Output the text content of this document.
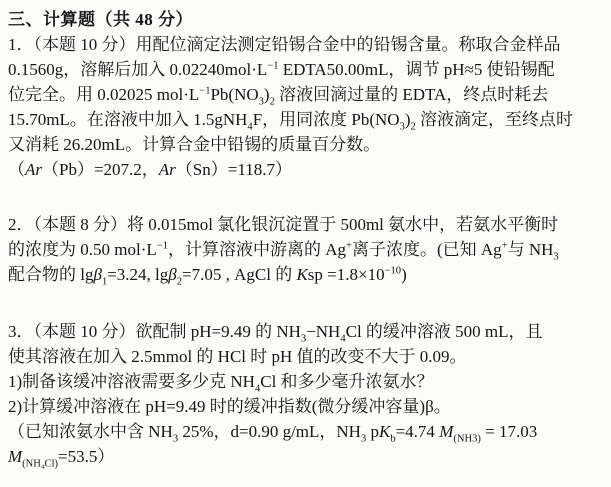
三、计算题（共 48 分）
1．（本题 10 分）用配位滴定法测定铅锡合金中的铅锡含量。称取合金样品
0.1560g，溶解后加入 $0.02240mol\cdot L^{-1}$ EDTA50.00mL，调节 pH≈5 使铅锡配
位完全。用 0.02025 $mol\cdot L^{-1}Pb(NO_3)_2$ 溶液回滴过量的 EDTA，终点时耗去
15.70mL。在溶液中加入 1.5gNH$_4$F，用同浓度 $Pb(NO_3)_2$ 溶液滴定，至终点时
又消耗 26.20mL。计算合金中铅锡的质量百分数。
（Ar（Pb）=207.2，Ar（Sn）=118.7）
2．（本题 8 分）将 0.015mol 氯化银沉淀置于 500ml 氨水中，若氨水平衡时
的浓度为 0.50 $mol\cdot L^{-1}$，计算溶液中游离的 Ag+离子浓度。(已知 Ag+与 $NH_3$
配合物的 lgβ$_1$=3.24, lgβ$_2$=7.05 , AgCl 的 Ksp $=1.8\times 10^{-10}$)
3．（本题 10 分）欲配制 pH=9.49 的 $NH_3-NH_4Cl$ 的缓冲溶液 500 mL，且
使其溶液在加入 2.5mmol 的 HCl 时 pH 值的改变不大于 0.09。
1)制备该缓冲溶液需要多少克 $NH_4Cl$ 和多少毫升浓氨水？
2)计算缓冲溶液在 pH=9.49 时的缓冲指数(微分缓冲容量)β。
（已知浓氨水中含 $NH_3$ 25%，d=0.90 g/mL，$NH_3$ $pK_b=4.74$ $M_{(NH3)} = 17.03$
$M_{(NH_4Cl)}=53.5$）
